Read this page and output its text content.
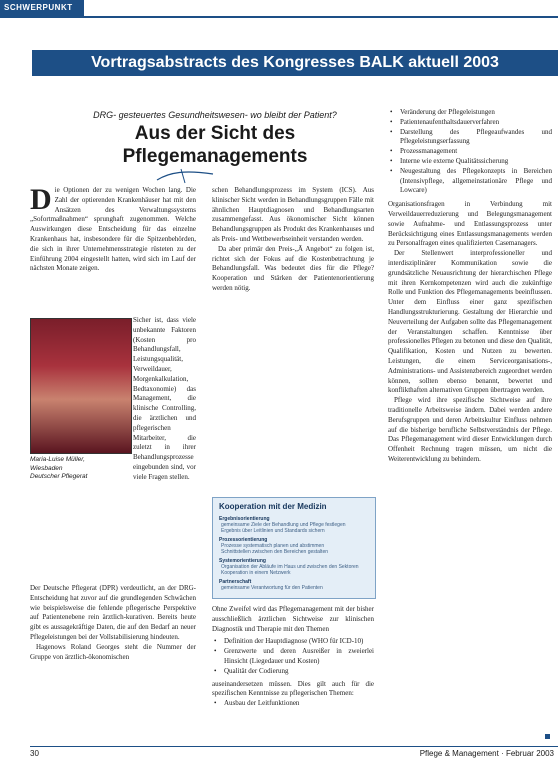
SCHWERPUNKT
Vortragsabstracts des Kongresses BALK aktuell 2003
DRG- gesteuertes Gesundheitswesen- wo bleibt der Patient?
Aus der Sicht des Pflegemanagements

Die Optionen der zu wenigen Wochen lang. Die Zahl der optierenden Krankenhäuser hat mit den Ansätzen des Verwaltungssystems „Sofortmaßnahmen“ sprunghaft zugenommen. Welche Auswirkungen diese Entscheidung für das einzelne Krankenhaus hat, insbesondere für die Spitzenbehörden, die sich in ihrer Unternehmensstrategie rüsteten zu der Einführung 2004 eingestellt hatten, wird sich im Lauf der nächsten Monate zeigen.

Maria-Luise Müller,
Wiesbaden
Deutscher Pflegerat

Sicher ist, dass viele unbekannte Faktoren (Kosten pro Behandlungsfall, Leistungsqualität, Verweildauer, Morgenkalkulation, Bedtaxonomie) das Management, die klinische Controlling, die ärztlichen und pflegerischen Mitarbeiter, die zuletzt in ihrer Behandlungsprozesse eingebunden sind, vor viele Fragen stellen.

Der Deutsche Pflegerat (DPR) verdeutlicht, an der DRG-Entscheidung hat zuvor auf die grundlegenden Schwächen wie beispielsweise die fehlende pflegerische Perspektive auf Patientenebene rein ärztlich-kurativen. Bereits heute gibt es aussagekräftige Daten, die auf den Bedarf an neuer Pflegeleistungen bei der Vollstabilisierung hindeuten.

Hagenows Roland Georges steht die Nummer der Gruppe von ärztlich-ökonomischen

schen Behandlungsprozess im System (ICS). Aus klinischer Sicht werden in Behandlungsgruppen Fälle mit ähnlichen Hauptdiagnosen und Behandlungsarten zusammengefasst. Aus ökonomischer Sicht können Behandlungsgruppen als Produkt des Krankenhauses und als Preis- und Wettbewerbseinheit verstanden werden.

Da aber primär den Preis-„Ā Angebot“ zu folgen ist, richtet sich der Fokus auf die Kostenbetrachtung je Behandlungsfall. Was bedeutet dies für die Pflege? Kooperation und Stärken der Patientenorientierung werden nötig.

Kooperation mit der Medizin
Ergebnisorientierung
gemeinsame Ziele der Behandlung und Pflege festlegen
Ergebnis über Leitlinien und Standards sichern
Prozessorientierung
Prozesse systematisch planen und abstimmen
Schnittstellen zwischen den Bereichen gestalten
Systemorientierung
Organisation der Abläufe im Haus und zwischen den Sektoren
Kooperation in einem Netzwerk
Partnerschaft
gemeinsame Verantwortung für den Patienten

Ohne Zweifel wird das Pflegemanagement mit der bisher ausschließlich ärztlichen Sichtweise zur klinischen Diagnostik und Therapie mit den Themen

• Definition der Hauptdiagnose (WHO für ICD-10)
• Grenzwerte und deren Ausreißer in zweierlei Hinsicht (Liegedauer und Kosten)
• Qualität der Codierung

auseinandersetzen müssen. Dies gilt auch für die spezifischen Kenntnisse zu pflegerischen Themen:

• Ausbau der Leitfunktionen
• Veränderung der Pflegeleistungen
• Patientenaufenthaltsdauerverfahren
• Darstellung des Pflegeaufwandes und Pflegeleistungserfassung
• Prozessmanagement
• Interne wie externe Qualitätssicherung
• Neugestaltung des Pflegekonzepts in Bereichen (Intensivpflege, allgemeinstationäre Pflege und Lowcare)

Organisationsfragen in Verbindung mit Verweildauerreduzierung und Belegungsmanagement sowie Aufnahme- und Entlassungsprozess unter Berücksichtigung eines Entlassungsmanagements werden zu Personalfragen eines qualifizierten Casemanagers.

Der Stellenwert interprofessioneller und interdisziplinärer Kommunikation sowie die grundsätzliche Neuausrichtung der hierarchischen Pflege mit ihren Kernkompetenzen wird auch die zukünftige Rolle und Funktion des Pflegemanagements beeinflussen. Unter dem Einfluss einer ganz spezifischen Handlungsstrukturierung. Gestaltung der Hierarchie und Neuverteilung der Aufgaben sollte das Pflegemanagement der Veranstaltungen schaffen. Kenntnisse über professionelles Pflegen zu betonen und diese den Qualität, Qualifikation, Kosten und Nutzen zu bewerten. Leistungen, die einem Serviceorganisations-, Administrations- und Assistenzbereich zugeordnet werden können, sollten ebenso benannt, bewertet und konflikthaften alternativen Gruppen übertragen werden.

Pflege wird ihre spezifische Sichtweise auf ihre traditionelle Arbeitsweise ändern. Dabei werden andere Berufsgruppen und deren Arbeitskultur Einfluss nehmen auf die bisherige berufliche Selbstverständnis der Pflege. Das Pflegemanagement wird dieser Entwicklungen durch Offenheit Rechnung tragen müssen, um nicht die Weiterentwicklung zu behindern.

30	Pflege & Management · Februar 2003
